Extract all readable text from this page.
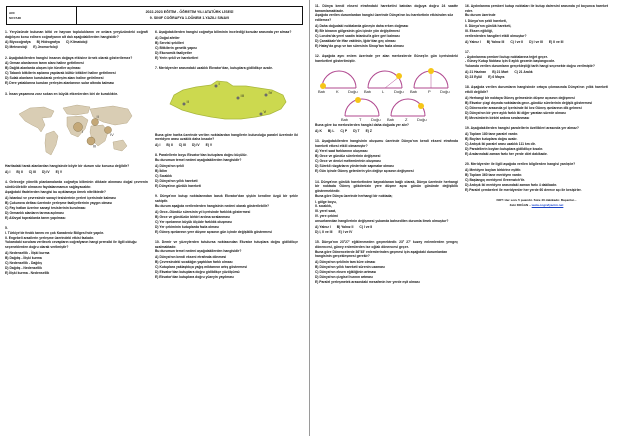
ADI
SOYADI
2022-2023 EĞİTİM - ÖĞRETİM YILI ATATÜRK LİSESİ
9. SINIF COĞRAFYA 1.DÖNEM 1.YAZILI SINAVI
1. Yeryüzünde bulunan bitki ve hayvan topluluklarını ve onlara yeryüzündeki coğrafi dağılışını konu edinen coğrafyanın alt dalı aşağıdakilerden hangisidir?
A) Biyocoğrafya B) Hidrografya C) Klimatoloji
D) Meteoroloji E) Jeomorfoloji
2. Aşağıdakilerden hangisi insanın doğaya etkisine örnek olarak gösterilemez?
A) Orman alanlarının tarım alanı haline getirilmesi
B) Dağlık alanlarda ulaşım için tüneller açılması
C) Tabanlı bitkilerin aşılama yapılarak kültür bitkileri haline getirilmesi
D) Sulak alanların kurutularak yerleşim alanı haline getirilmesi
E) Dere yataklarına kurulan yerleşim alanlarının sular altında kalması
3. İnsan yaşamına zorz sokan en büyük etkenlerden biri de kuraklıktır.
I
II
III
IV
Haritadaki tarak alanlardan hangisinde böyle bir durum söz konusu değildir?
A) I B) II C) III D) IV E) V
4. Geleceğe yönelik planlamalarda coğrafya biliminin dikkate alınması doğal çevrenin sürdürülebilir olmasını faydalanmamızı sağlayacaktır.
Aşağıdaki ifadelerden hangisi bu açıklamaya örnek niteliktedir?
A) İstanbul ve çevresinde sanayi tesislerinin yerleri içerisinde kalması
B) Çukurova deltası üzerinde yerleşme faaliyetlerinin yaygın olması
C) Fay hatları üzerine sanayi tesislerinin kurulması
D) Ormanlık alanların tarıma açılması
E) Alüvyal topraklarda tarım yapılması
5.
I. Türkiye'de fındık tarımı en çok Karadeniz Bölgesi'nde yapılır.
II. Engebeli arazilerin yerleşme üzerindeki etkisi fazladır.
Yukarıdaki sorulara verilecek cevapların coğrafyanın hangi prensibi ile ilgili olduğu seçeneklerden doğru olarak verilmiştir?
A) Nedensellik - İlişki kurma
B) Dağılış - İlişki kurma
C) Nedensellik - Dağılış
D) Dağılış - Nedensellik
E) İlişki kurma - Nedensellik
6. Aşağıdakilerden hangisi coğrafya biliminin incelediği konular arasında yer almaz?
A) Doğal afetler
B) Servisi şekilleri
C) Bitkilerin genetik yapısı
D) Ekonomik faaliyetler
E) Yerin şekli ve hareketleri
7. Meridyenler arasındaki uzaklık Ekvator'dan, kutuplara gidildikçe azalır.
I
II
III
IV
V
Buna göre harita üzerinde verilen noktalardan hangilerin bulunduğu paralel üzerinde iki meridyen arası uzaklık daha kısadır?
A) I B) II C) III D) IV E) V
8. Paralellerin boyu Ekvator'dan kutuplara doğru küçülür.
Bu durumun temel nedeni aşağıdakilerden hangisidir?
A) Dünya'nın şekli
B) İklim
C) Sıcaklık
D) Dünya'nın yıllık hareketi
E) Dünya'nın günlük hareketi
9. Dünya'nın kutup noktalarından basık Ekvator'dan şişkin kendine özgü bir şekle sahiptir.
Bu durum aşağıda verilenlerden hangisinin nedeni olarak gösterilebilir?
A) Gece–Gündüz süresinin yıl içerisinde farklılık göstermesi
B) Gece ve gündüzün birbiri ardına sıralanması
C) Yer ışınlarının büyük ölçüde farklılık oluşması
D) Yer çekiminin kutuplarda fazla olması
E) Güneş ışınlarının yere düşme açısının gün içinde değişiklik göstermesi
10. Demir ve yüzeylerden tutulursa noktasından Ekvator tutuşlara doğru gidildikçe azalmaktadır.
Bu durumun temel nedeni aşağıdakilerden hangisidir?
A) Dünya'nın kendi ekseni etrafında dönmesi
B) Çevresindeki sıcaklığın yaptıkları farklı olması
C) Kutuplara yaklaştıkça yağış miktarının artış göstermesi
D) Ekvator'dan kutuplara doğru gidildikçe yüzölçümü
E) Ekvator'dan kutuplara doğru yüzeyin yayılması
11. Dünya kendi ekseni etrafındaki hareketini batıdan doğuya doğru 24 saatte tamamlamaktadır.
Aşağıda verilen durumlardan hangisi üzerinde Dünya'nın bu hareketinin etkisinden söz edilemez?
A) Daha doğudaki noktalarda güneşin daha erken doğması
B) Bir binanın gölgesinin gün içinde yön değiştirmesi
C) Londra'da yerel saatin İstanbul'a göre geri kalması
D) Çanakkale'de iftar vaktinin, Iğdır'dan geç olması
E) Hatay'da grup ve tan süresinin Sinop'tan fazla olması
12. Aşağıda aynı enlem üzerinde yer alan merkezlerde Güneş'in gün içerisindeki hareketleri gösterilmiştir.
Batı K Doğu Batı L Doğu Batı P Doğu
Batı T Doğu Batı Z Doğu
Buna göre bu merkezlerden hangisi daha doğuda yer alır?
A) K B) L C) P D) T E) Z
13. Aşağıdakilerden hangisinin oluşumu üzerinde Dünya'nın kendi ekseni etrafında hareketi etkesi etkili olmamıştır?
A) Yerel saat farklarının oluşması
B) Gece ve gündüz sürelerinin değişmesi
C) Gece ve denizi meltemlerinin oluşması
D) Sürekli rüzgârların yönlerinde sapmalar olması
E) Gün içinde Güneş gelenlerin yön değişe açısının değişmesi
14. Dünya'nın günlük hareketinden kaynaklanan bağlı olarak, Dünya üzerinde herhangi bir noktada Güneş gökdenizin yere düşme açısı günün gününde değişiklik göstermektedir.
Buna göre Dünya üzerinde herhangi bir noktada;
I. gölge boyu,
II. sıcaklık,
III. yerel saat,
IV. yere çekimi
unsurlarından hangilerinin değişmesi yukarıda bahsedilen durumla ilmek olmuştur?
A) Yalnız I B) Yalnız II C) I ve II
D) I, II ve III E) I ve IV
15. Dünya'nın 23°27' eğiklenmeden geçmektedir. 23° 27' kuzey enlemlerden yengeç dönencesi, güney enlemlerden ise oğlak dönencesi geçer.
Buna göre Dönencelerde 36°45' enlemlerinden geçmesi için aşağıdaki durumlardan hangisinin gerçekleşmesi gerekir?
A) Dünya'nın şeklinin tam küre olması
B) Dünya'nın yıllık hareketi sürenin uzaması
C) Dünya'nın eksen eğikliğinin artması
D) Dünya'nın çizgisel hızının artması
E) Paralel yerleşmetek arasındaki mesafenin her yerde eşit olması
16. Aydınlanma çemberi kutup noktaları ile kutup dairesini arasında yıl boyunca hareket eder.
Bu durum üzerinde
I. Dünya'nın şekli hareketi,
II. Dünya'nın günlük hareketi,
III. Eksen eğikliği,
verilenlerden hangileri etkili olmuştur?
A) Yalnız I B) Yalnız III C) I ve II D) I ve III E) II ve III
17.
- Aydınlanma çemberi kutup noktalarına teğet geçer.
- Güney Kutup Noktası için 6 aylık gecenin başlangıcıdır.
Yukarıda verilen durumların gerçekleştiği tarih hangi seçenekte doğru verilmiştir?
A) 21 Haziran B) 21 Mart C) 21 Aralık
D) 23 Eylül E) 6 Mayıs
18. Aşağıda verilen durumların hangisinde ortaya çıkmasında Dünya'nın yıllık hareketi etkili değildir?
A) Herhangi bir noktaya Güneş gelmesinin düşme açısının değişmesi
B) Ekvator çizgi dışında noktalarda gece–gündüz sürelerinin değişik göstermesi
C) Dönenceler arasında yıl içerisinde iki kez Güneş ışınlarının dik gelmesi
D) Dünya'nın bir yere aylık farklı iki diğer yaratan sürede olması
E) Mevsimlerin birbiri ardına sıralanması
19. Aşağıdakilerden hangisi paralellerin özellikleri arasında yer almaz?
A) Toplam 180 tane paralel vardır.
B) Boyları kutuplara doğru azalır.
C) Ardışık iki paralel arası uzaklık 111 km dir.
D) Paralellerin boyları kutuplara gidildikçe kısalır.
E) Aralarındaki zaman farkı her yerde dört dakikadır.
20. Meridyenler ile ilgili aşağıda verilen bilgilerden hangisi yanlıştır?
A) Meridyen boyları birbirine eşittir.
B) Toplam 360 tane meridyen vardır.
C) Başlangıç meridyeni Greenwich'tir.
D) Ardışık iki meridyen arasındaki zaman farkı 4 dakikadır.
E) Paralel çemberleri ile meridyenler her yerde 60 derece açı ile kesişirler.
NOT: Her soru 5 puandır. Süre 40 dakikadır. Başarılar...
Zeki DOĞAN – www.cografyacim.net
